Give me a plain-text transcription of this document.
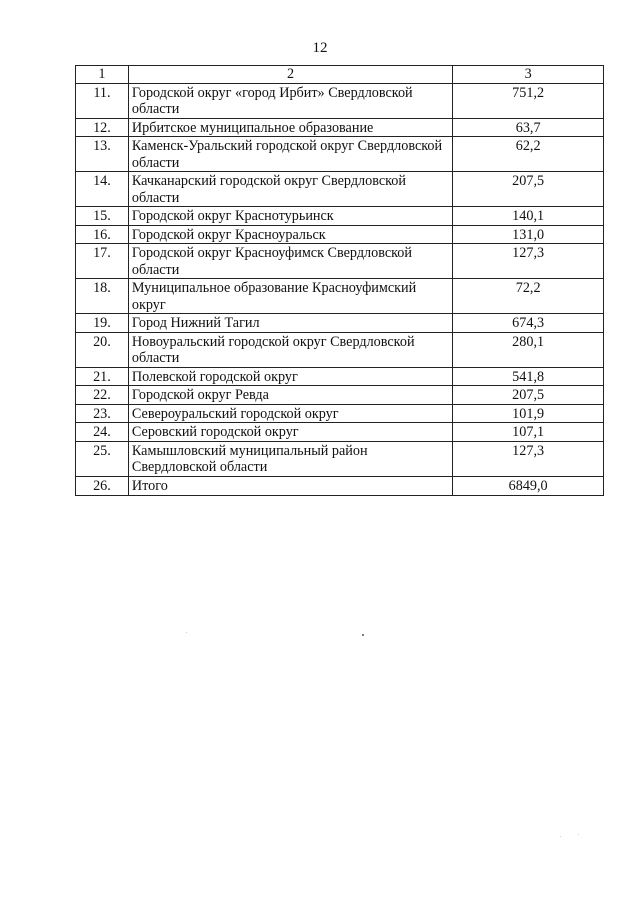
12
1	2	3
11.	Городской округ «город Ирбит» Свердловской области	751,2
12.	Ирбитское муниципальное образование	63,7
13.	Каменск-Уральский городской округ Свердловской области	62,2
14.	Качканарский городской округ Свердловской области	207,5
15.	Городской округ Краснотурьинск	140,1
16.	Городской округ Красноуральск	131,0
17.	Городской округ Красноуфимск Свердловской области	127,3
18.	Муниципальное образование Красноуфимский округ	72,2
19.	Город Нижний Тагил	674,3
20.	Новоуральский городской округ Свердловской области	280,1
21.	Полевской городской округ	541,8
22.	Городской округ Ревда	207,5
23.	Североуральский городской округ	101,9
24.	Серовский городской округ	107,1
25.	Камышловский муниципальный район Свердловской области	127,3
26.	Итого	6849,0
